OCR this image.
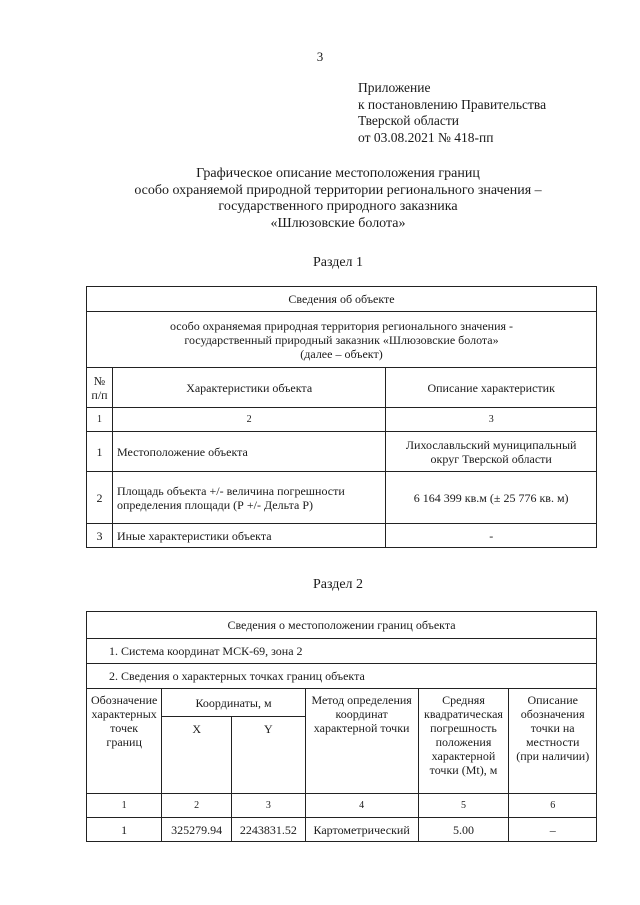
3
Приложение
к постановлению Правительства
Тверской области
от 03.08.2021 № 418-пп
Графическое описание местоположения границ
особо охраняемой природной территории регионального значения –
государственного природного заказника
«Шлюзовские болота»
Раздел 1
Сведения об объекте		

особо охраняемая природная территория регионального значения -
государственный природный заказник «Шлюзовские болота»
(далее – объект)		

№ п/п	Характеристики объекта	Описание характеристик
1	2	3
1	Местоположение объекта	Лихославльский муниципальный округ Тверской области
2	Площадь объекта +/- величина погрешности определения площади (Р +/- Дельта Р)	6 164 399 кв.м (± 25 776 кв. м)
3	Иные характеристики объекта	-
Раздел 2
Сведения о местоположении границ объекта					
1. Система координат МСК-69, зона 2					
2. Сведения о характерных точках границ объекта					
Обозначение характерных точек границ	Координаты, м		Метод определения координат характерной точки	Средняя квадратическая погрешность положения характерной точки (Мt), м	Описание обозначения точки на местности (при наличии)
	X	Y			
1	2	3	4	5	6
1	325279.94	2243831.52	Картометрический	5.00	–
